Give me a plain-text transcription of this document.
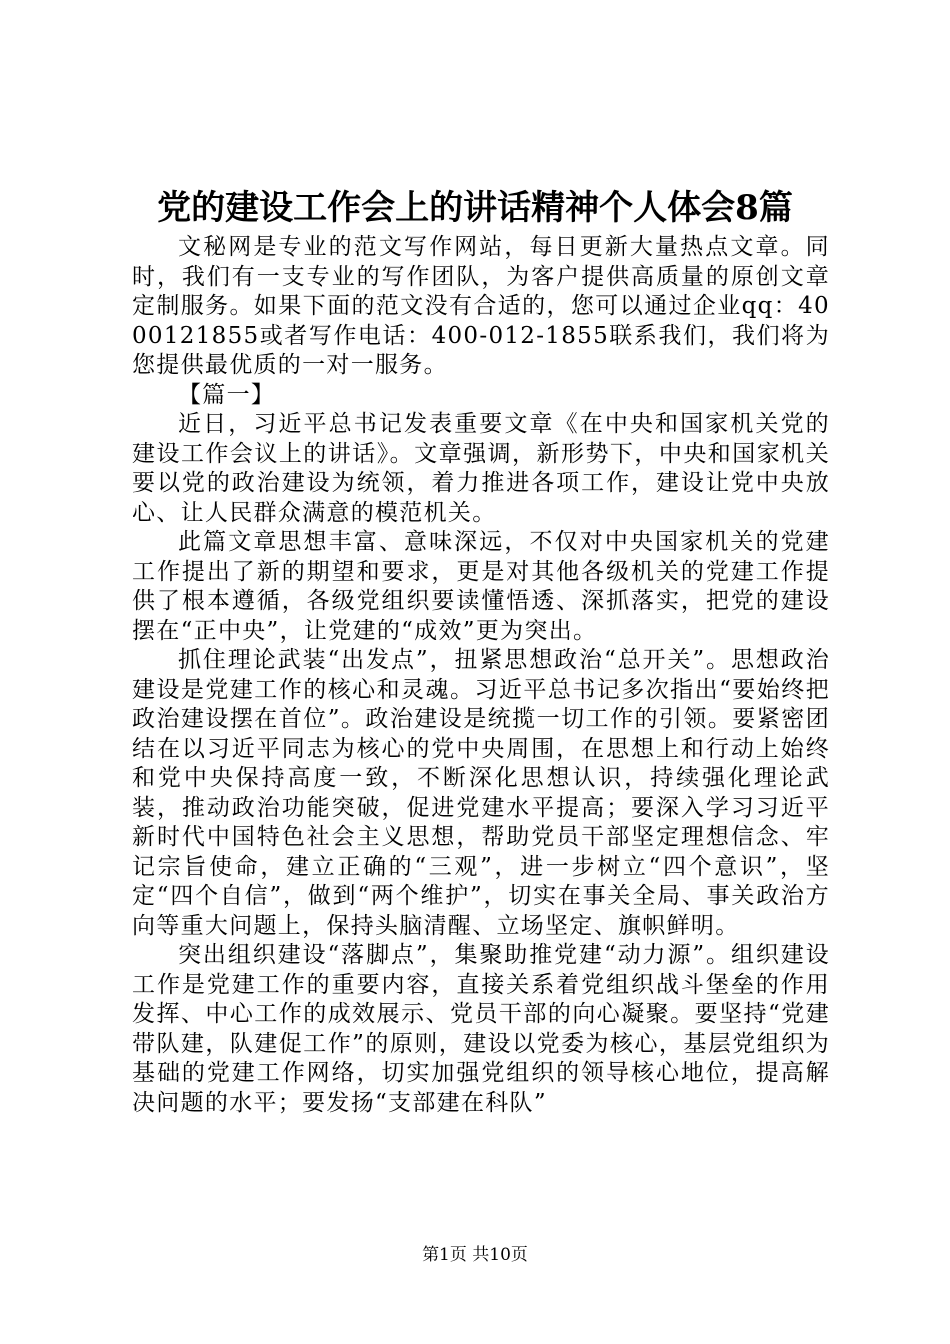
党的建设工作会上的讲话精神个人体会8篇

文秘网是专业的范文写作网站，每日更新大量热点文章。同时，我们有一支专业的写作团队，为客户提供高质量的原创文章定制服务。如果下面的范文没有合适的，您可以通过企业qq：4000121855或者写作电话：400-012-1855联系我们，我们将为您提供最优质的一对一服务。

【篇一】

近日，习近平总书记发表重要文章《在中央和国家机关党的建设工作会议上的讲话》。文章强调，新形势下，中央和国家机关要以党的政治建设为统领，着力推进各项工作，建设让党中央放心、让人民群众满意的模范机关。

此篇文章思想丰富、意味深远，不仅对中央国家机关的党建工作提出了新的期望和要求，更是对其他各级机关的党建工作提供了根本遵循，各级党组织要读懂悟透、深抓落实，把党的建设摆在“正中央”，让党建的“成效”更为突出。

抓住理论武装“出发点”，扭紧思想政治“总开关”。思想政治建设是党建工作的核心和灵魂。习近平总书记多次指出“要始终把政治建设摆在首位”。政治建设是统揽一切工作的引领。要紧密团结在以习近平同志为核心的党中央周围，在思想上和行动上始终和党中央保持高度一致，不断深化思想认识，持续强化理论武装，推动政治功能突破，促进党建水平提高；要深入学习习近平新时代中国特色社会主义思想，帮助党员干部坚定理想信念、牢记宗旨使命，建立正确的“三观”，进一步树立“四个意识”，坚定“四个自信”，做到“两个维护”，切实在事关全局、事关政治方向等重大问题上，保持头脑清醒、立场坚定、旗帜鲜明。

突出组织建设“落脚点”，集聚助推党建“动力源”。组织建设工作是党建工作的重要内容，直接关系着党组织战斗堡垒的作用发挥、中心工作的成效展示、党员干部的向心凝聚。要坚持“党建带队建，队建促工作”的原则，建设以党委为核心，基层党组织为基础的党建工作网络，切实加强党组织的领导核心地位，提高解决问题的水平；要发扬“支部建在科队”

第1页 共10页
